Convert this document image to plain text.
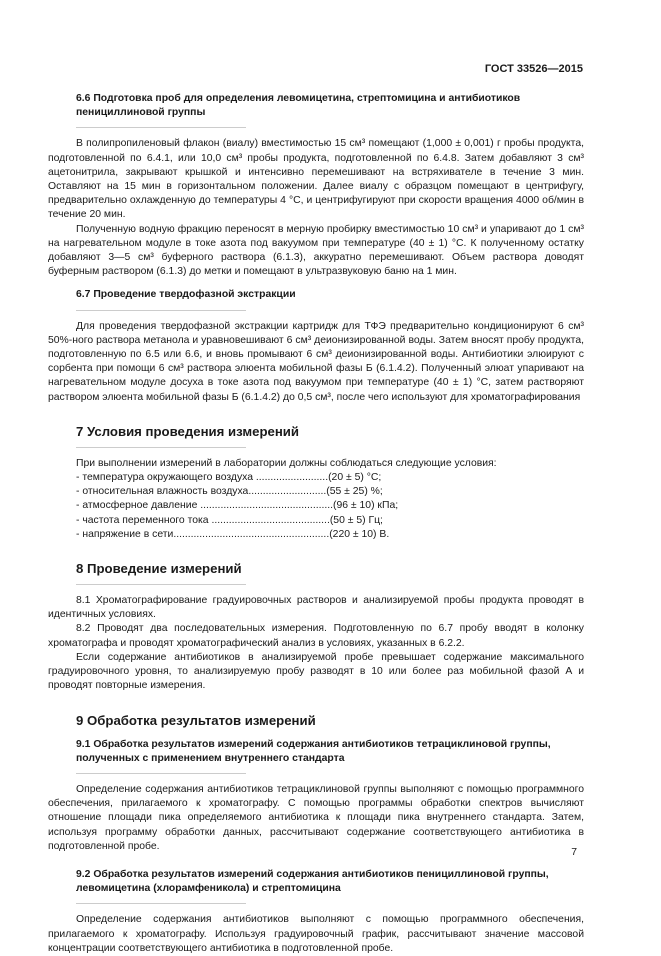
ГОСТ 33526—2015

6.6 Подготовка проб для определения левомицетина, стрептомицина и антибиотиков пенициллиновой группы

В полипропиленовый флакон (виалу) вместимостью 15 см³ помещают (1,000 ± 0,001) г пробы продукта, подготовленной по 6.4.1, или 10,0 см³ пробы продукта, подготовленной по 6.4.8. Затем добавляют 3 см³ ацетонитрила, закрывают крышкой и интенсивно перемешивают на встряхивателе в течение 3 мин. Оставляют на 15 мин в горизонтальном положении. Далее виалу с образцом помещают в центрифугу, предварительно охлажденную до температуры 4 °С, и центрифугируют при скорости вращения 4000 об/мин в течение 20 мин.

Полученную водную фракцию переносят в мерную пробирку вместимостью 10 см³ и упаривают до 1 см³ на нагревательном модуле в токе азота под вакуумом при температуре (40 ± 1) °С. К полученному остатку добавляют 3—5 см³ буферного раствора (6.1.3), аккуратно перемешивают. Объем раствора доводят буферным раствором (6.1.3) до метки и помещают в ультразвуковую баню на 1 мин.

6.7 Проведение твердофазной экстракции

Для проведения твердофазной экстракции картридж для ТФЭ предварительно кондиционируют 6 см³ 50%-ного раствора метанола и уравновешивают 6 см³ деионизированной воды. Затем вносят пробу продукта, подготовленную по 6.5 или 6.6, и вновь промывают 6 см³ деионизированной воды. Антибиотики элюируют с сорбента при помощи 6 см³ раствора элюента мобильной фазы Б (6.1.4.2). Полученный элюат упаривают на нагревательном модуле досуха в токе азота под вакуумом при температуре (40 ± 1) °С, затем растворяют раствором элюента мобильной фазы Б (6.1.4.2) до 0,5 см³, после чего используют для хроматографирования

7 Условия проведения измерений

При выполнении измерений в лаборатории должны соблюдаться следующие условия:

- температура окружающего воздуха .........................(20 ± 5) °С;
- относительная влажность воздуха...........................(55 ± 25) %;
- атмосферное давление ..............................................(96 ± 10) кПа;
- частота переменного тока .........................................(50 ± 5) Гц;
- напряжение в сети......................................................(220 ± 10) В.

8 Проведение измерений

8.1 Хроматографирование градуировочных растворов и анализируемой пробы продукта проводят в идентичных условиях.

8.2 Проводят два последовательных измерения. Подготовленную по 6.7 пробу вводят в колонку хроматографа и проводят хроматографический анализ в условиях, указанных в 6.2.2.

Если содержание антибиотиков в анализируемой пробе превышает содержание максимального градуировочного уровня, то анализируемую пробу разводят в 10 или более раз мобильной фазой А и проводят повторные измерения.

9 Обработка результатов измерений

9.1 Обработка результатов измерений содержания антибиотиков тетрациклиновой группы, полученных с применением внутреннего стандарта

Определение содержания антибиотиков тетрациклиновой группы выполняют с помощью программного обеспечения, прилагаемого к хроматографу. С помощью программы обработки спектров вычисляют отношение площади пика определяемого антибиотика к площади пика внутреннего стандарта. Затем, используя программу обработки данных, рассчитывают содержание соответствующего антибиотика в подготовленной пробе.

9.2 Обработка результатов измерений содержания антибиотиков пенициллиновой группы, левомицетина (хлорамфеникола) и стрептомицина

Определение содержания антибиотиков выполняют с помощью программного обеспечения, прилагаемого к хроматографу. Используя градуировочный график, рассчитывают значение массовой концентрации соответствующего антибиотика в подготовленной пробе.

7
